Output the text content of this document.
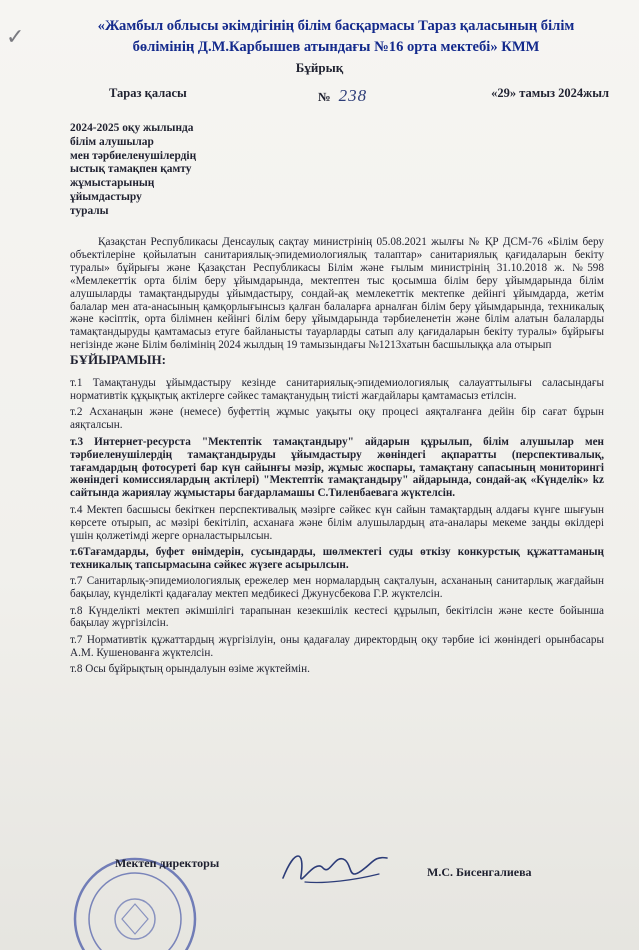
✓	«Жамбыл облысы әкімдігінің білім басқармасы Тараз қаласының білім
бөлімінің Д.М.Карбышев атындағы №16 орта мектебі» КММ
Бұйрық
Тараз қаласы	№ 238	«29» тамыз 2024жыл
2024-2025 оқу жылында
білім алушылар
мен тәрбиеленушілердің
ыстық тамақпен қамту
жұмыстарының
ұйымдастыру
туралы

Қазақстан Республикасы Денсаулық сақтау министрінің 05.08.2021 жылғы № ҚР ДСМ-76 «Білім беру объектілеріне қойылатын санитариялық-эпидемиологиялық талаптар» санитариялық қағидаларын бекіту туралы» бұйрығы және Қазақстан Республикасы Білім және ғылым министрінің 31.10.2018 ж. №598 «Мемлекеттік орта білім беру ұйымдарында, мектептен тыс қосымша білім беру ұйымдарында білім алушыларды тамақтандыруды ұйымдастыру, сондай-ақ мемлекеттік мектепке дейінгі ұйымдарда, жетім балалар мен ата-анасының қамқорлығынсыз қалған балаларға арналған білім беру ұйымдарында, техникалық және кәсіптік, орта білімнен кейінгі білім беру ұйымдарында тәрбиеленетін және білім алатын балаларды тамақтандыруды қамтамасыз етуге байланысты тауарларды сатып алу қағидаларын бекіту туралы» бұйрығы негізінде және Білім бөлімінің 2024 жылдың 19 тамызындағы №1213хатын басшылыққа ала отырып

БҰЙЫРАМЫН:

т.1 Тамақтануды ұйымдастыру кезінде санитариялық-эпидемиологиялық салауаттылығы саласындағы нормативтік құқықтық актілерге сәйкес тамақтанудың тиісті жағдайлары қамтамасыз етілсін.

т.2 Асханаңын және (немесе) буфеттің жұмыс уақыты оқу процесі аяқталғанға дейін бір сағат бұрын аяқталсын.

т.3 Интернет-ресурста "Мектептік тамақтандыру" айдарын құрылып, білім алушылар мен тәрбиеленушілердің тамақтандыруды ұйымдастыру жөніндегі ақпаратты (перспективалық, тағамдардың фотосуреті бар күн сайынғы мәзір, жұмыс жоспары, тамақтану сапасының мониторингі жөніндегі комиссиялардың актілері) "Мектептік тамақтандыру" айдарында, сондай-ақ «Күнделік» kz сайтында жариялау жұмыстары бағдарламашы С.Тиленбаевага жүктелсін.

т.4 Мектеп басшысы бекіткен перспективалық мәзірге сәйкес күн сайын тамақтардың алдағы күнге шығуын көрсете отырып, ас мәзірі бекітіліп, асханаға және білім алушылардың ата-аналары мекеме заңды өкілдері үшін қолжетімді жерге орналастырылсын.

т.6Тағамдарды, буфет өнімдерін, сусындарды, шөлмектегі суды өткізу конкурстық құжаттаманың техникалық тапсырмасына сәйкес жүзеге асырылсын.

т.7 Санитарлық-эпидемиологиялық ережелер мен нормалардың сақталуын, асхананың санитарлық жағдайын бақылау, күнделікті қадағалау мектеп медбикесі Джунусбекова Г.Р. жүктелсін.

т.8 Күнделікті мектеп әкімшілігі тарапынан кезекшілік кестесі құрылып, бекітілсін және кесте бойынша бақылау жүргізілсін.

т.7 Нормативтік құжаттардың жүргізілуін, оны қадағалау директордың оқу тәрбие ісі жөніндегі орынбасары А.М. Кушенованға жүктелсін.

т.8 Осы бұйрықтың орындалуын өзіме жүктеймін.

Мектеп директоры
М.С. Бисенгалиева
